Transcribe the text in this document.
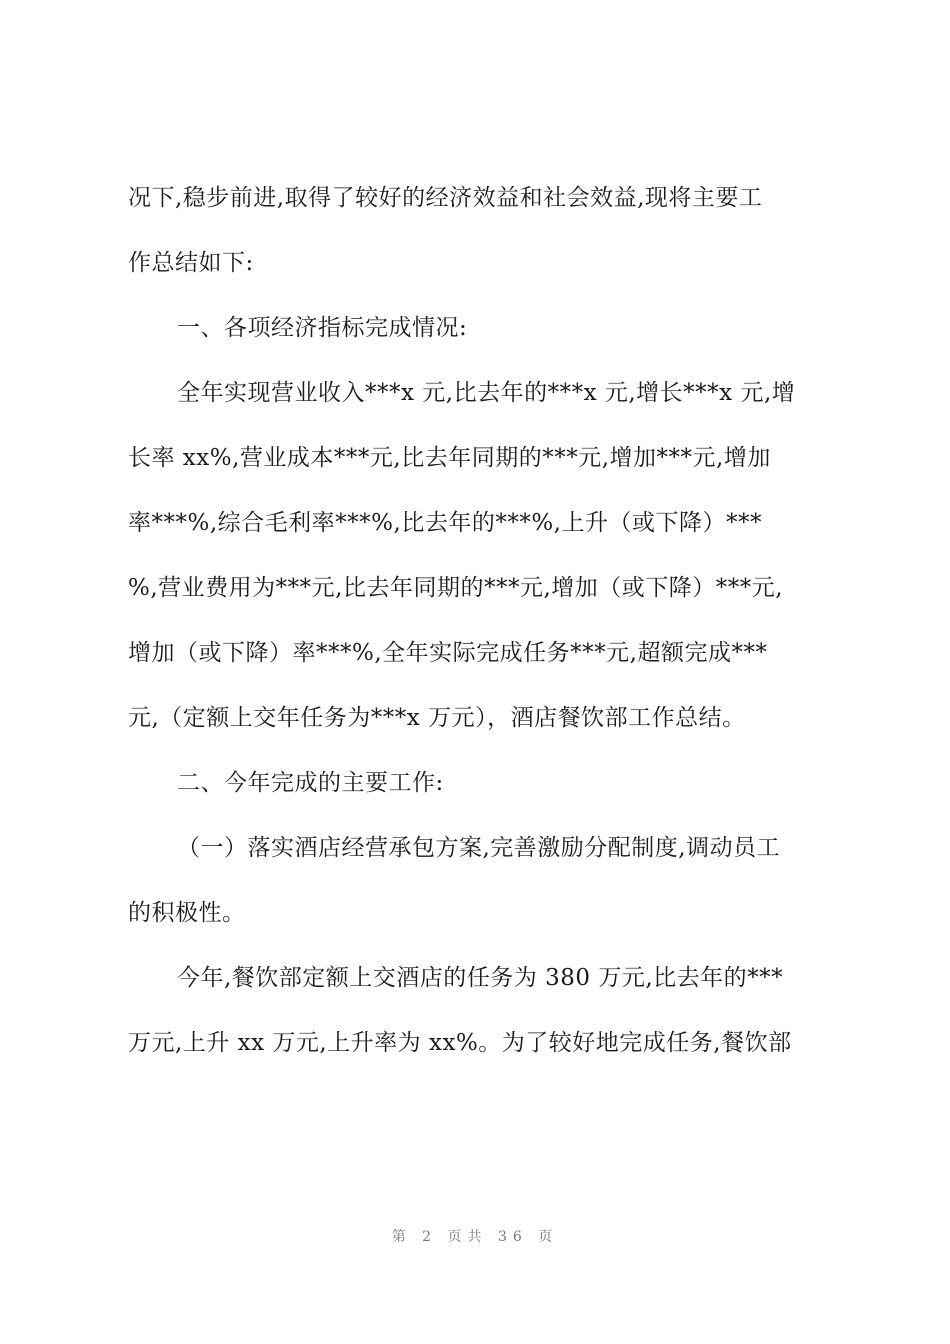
况下,稳步前进,取得了较好的经济效益和社会效益,现将主要工
作总结如下:
一、各项经济指标完成情况:
全年实现营业收入***x 元,比去年的***x 元,增长***x 元,增
长率 xx%,营业成本***元,比去年同期的***元,增加***元,增加
率***%,综合毛利率***%,比去年的***%,上升（或下降）***
%,营业费用为***元,比去年同期的***元,增加（或下降）***元,
增加（或下降）率***%,全年实际完成任务***元,超额完成***
元,（定额上交年任务为***x 万元），酒店餐饮部工作总结。
二、今年完成的主要工作:
（一）落实酒店经营承包方案,完善激励分配制度,调动员工
的积极性。
今年,餐饮部定额上交酒店的任务为 380 万元,比去年的***
万元,上升 xx 万元,上升率为 xx%。为了较好地完成任务,餐饮部
第 2 页共 36 页
